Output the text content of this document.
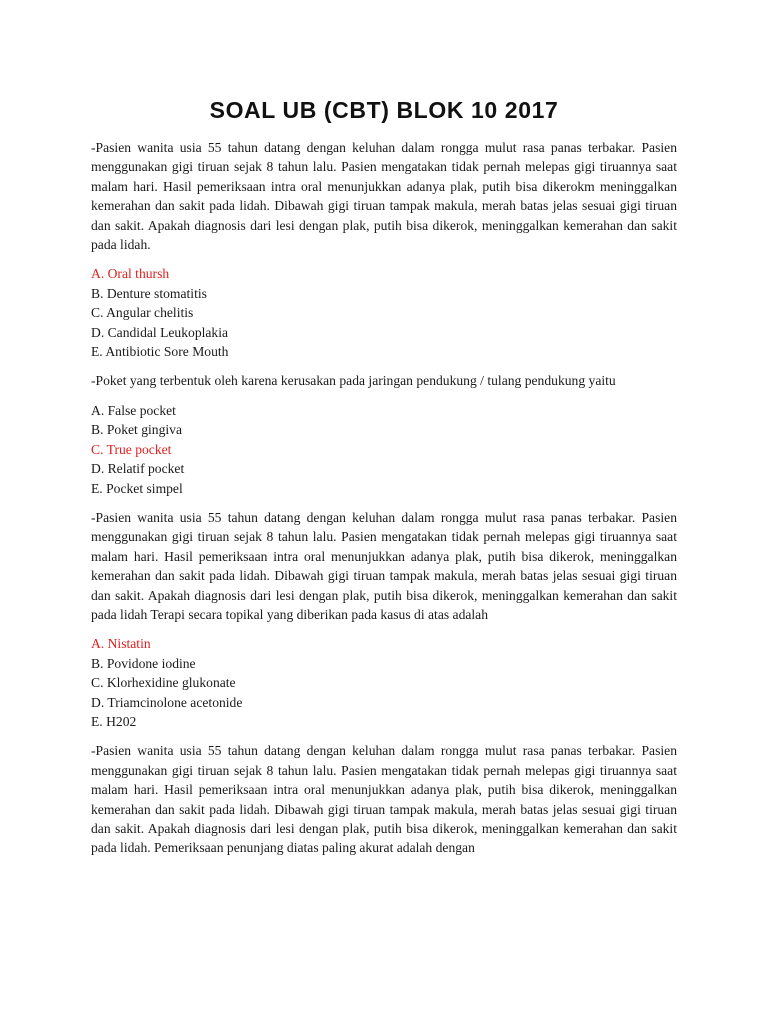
SOAL UB (CBT) BLOK 10 2017

-Pasien wanita usia 55 tahun datang dengan keluhan dalam rongga mulut rasa panas terbakar. Pasien menggunakan gigi tiruan sejak 8 tahun lalu. Pasien mengatakan tidak pernah melepas gigi tiruannya saat malam hari. Hasil pemeriksaan intra oral menunjukkan adanya plak, putih bisa dikerokm meninggalkan kemerahan dan sakit pada lidah. Dibawah gigi tiruan tampak makula, merah batas jelas sesuai gigi tiruan dan sakit. Apakah diagnosis dari lesi dengan plak, putih bisa dikerok, meninggalkan kemerahan dan sakit pada lidah.

A. Oral thursh
B. Denture stomatitis
C. Angular chelitis
D. Candidal Leukoplakia
E. Antibiotic Sore Mouth

-Poket yang terbentuk oleh karena kerusakan pada jaringan pendukung / tulang pendukung yaitu

A. False pocket
B. Poket gingiva
C. True pocket
D. Relatif pocket
E. Pocket simpel

-Pasien wanita usia 55 tahun datang dengan keluhan dalam rongga mulut rasa panas terbakar. Pasien menggunakan gigi tiruan sejak 8 tahun lalu. Pasien mengatakan tidak pernah melepas gigi tiruannya saat malam hari. Hasil pemeriksaan intra oral menunjukkan adanya plak, putih bisa dikerok, meninggalkan kemerahan dan sakit pada lidah. Dibawah gigi tiruan tampak makula, merah batas jelas sesuai gigi tiruan dan sakit. Apakah diagnosis dari lesi dengan plak, putih bisa dikerok, meninggalkan kemerahan dan sakit pada lidah Terapi secara topikal yang diberikan pada kasus di atas adalah

A. Nistatin
B. Povidone iodine
C. Klorhexidine glukonate
D. Triamcinolone acetonide
E. H202

-Pasien wanita usia 55 tahun datang dengan keluhan dalam rongga mulut rasa panas terbakar. Pasien menggunakan gigi tiruan sejak 8 tahun lalu. Pasien mengatakan tidak pernah melepas gigi tiruannya saat malam hari. Hasil pemeriksaan intra oral menunjukkan adanya plak, putih bisa dikerok, meninggalkan kemerahan dan sakit pada lidah. Dibawah gigi tiruan tampak makula, merah batas jelas sesuai gigi tiruan dan sakit. Apakah diagnosis dari lesi dengan plak, putih bisa dikerok, meninggalkan kemerahan dan sakit pada lidah. Pemeriksaan penunjang diatas paling akurat adalah dengan
